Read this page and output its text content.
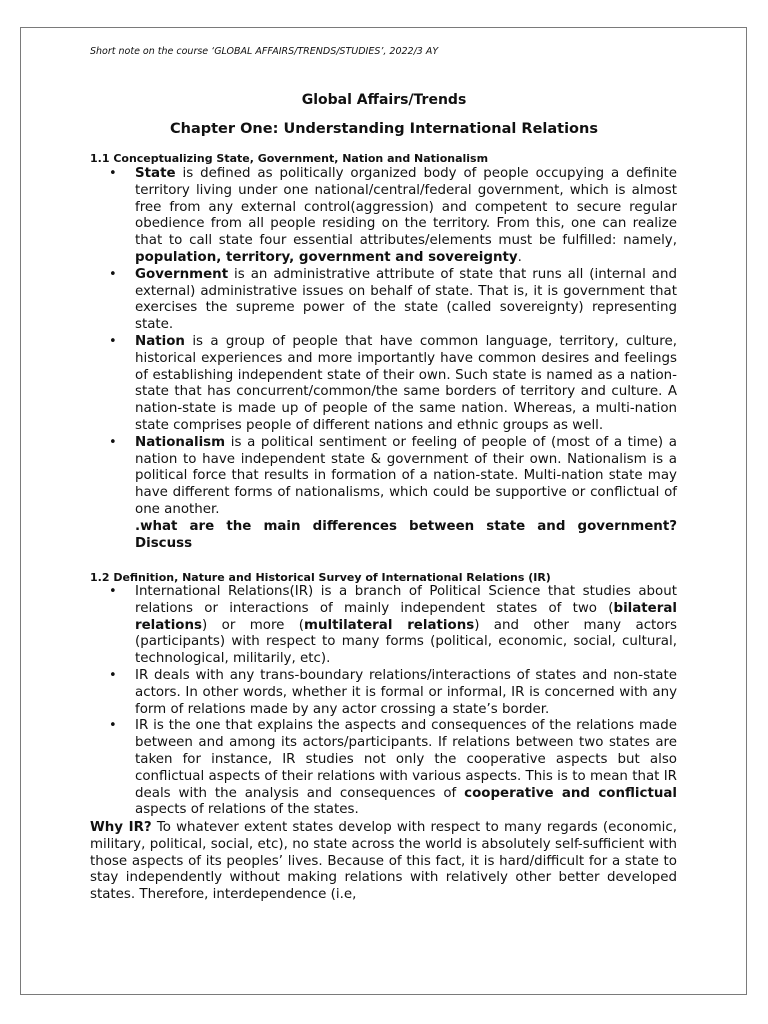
Short note on the course ‘GLOBAL AFFAIRS/TRENDS/STUDIES’, 2022/3 AY
Global Affairs/Trends
Chapter One: Understanding International Relations
1.1 Conceptualizing State, Government, Nation and Nationalism
• State is defined as politically organized body of people occupying a definite territory living under one national/central/federal government, which is almost free from any external control(aggression) and competent to secure regular obedience from all people residing on the territory. From this, one can realize that to call state four essential attributes/elements must be fulfilled: namely, population, territory, government and sovereignty.
• Government is an administrative attribute of state that runs all (internal and external) administrative issues on behalf of state. That is, it is government that exercises the supreme power of the state (called sovereignty) representing state.
• Nation is a group of people that have common language, territory, culture, historical experiences and more importantly have common desires and feelings of establishing independent state of their own. Such state is named as a nation-state that has concurrent/common/the same borders of territory and culture. A nation-state is made up of people of the same nation. Whereas, a multi-nation state comprises people of different nations and ethnic groups as well.
• Nationalism is a political sentiment or feeling of people of (most of a time) a nation to have independent state & government of their own. Nationalism is a political force that results in formation of a nation-state. Multi-nation state may have different forms of nationalisms, which could be supportive or conflictual of one another.
.what are the main differences between state and government? Discuss
1.2 Definition, Nature and Historical Survey of International Relations (IR)
• International Relations(IR) is a branch of Political Science that studies about relations or interactions of mainly independent states of two (bilateral relations) or more (multilateral relations) and other many actors (participants) with respect to many forms (political, economic, social, cultural, technological, militarily, etc).
• IR deals with any trans-boundary relations/interactions of states and non-state actors. In other words, whether it is formal or informal, IR is concerned with any form of relations made by any actor crossing a state’s border.
• IR is the one that explains the aspects and consequences of the relations made between and among its actors/participants. If relations between two states are taken for instance, IR studies not only the cooperative aspects but also conflictual aspects of their relations with various aspects. This is to mean that IR deals with the analysis and consequences of cooperative and conflictual aspects of relations of the states.
Why IR? To whatever extent states develop with respect to many regards (economic, military, political, social, etc), no state across the world is absolutely self-sufficient with those aspects of its peoples’ lives. Because of this fact, it is hard/difficult for a state to stay independently without making relations with relatively other better developed states. Therefore, interdependence (i.e,
